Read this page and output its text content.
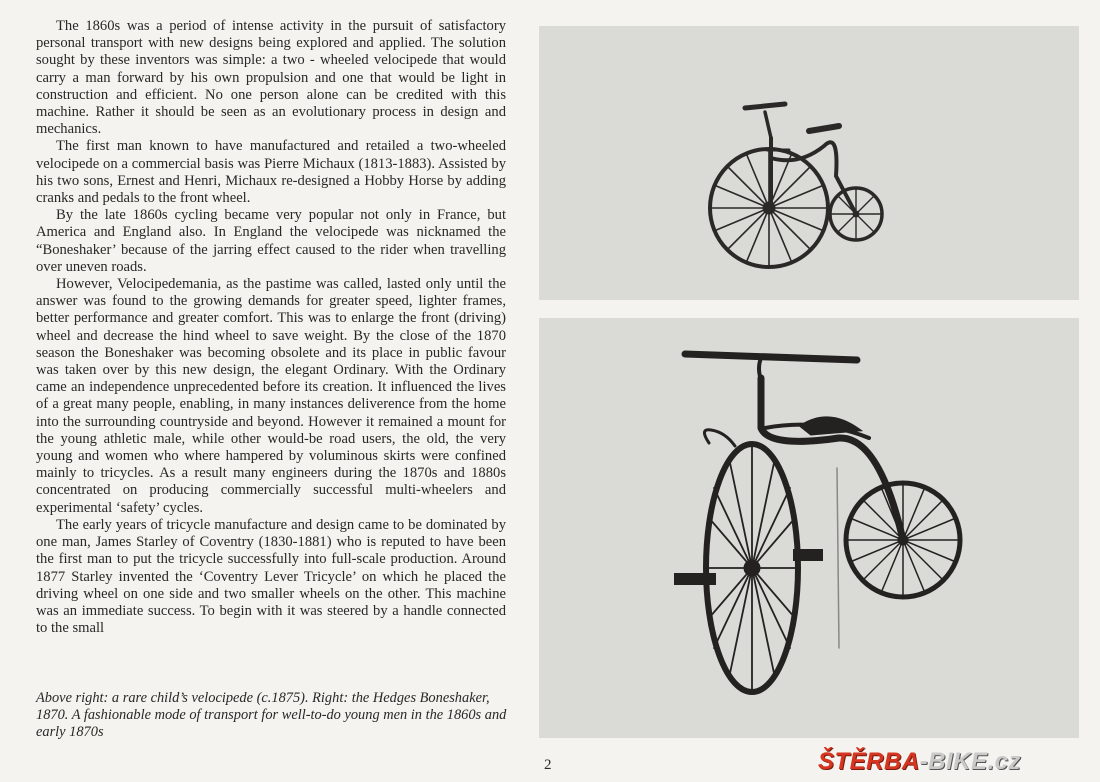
The 1860s was a period of intense activity in the pursuit of satisfactory personal transport with new designs being explored and applied. The solution sought by these inventors was simple: a two - wheeled velocipede that would carry a man forward by his own propulsion and one that would be light in construction and efficient. No one person alone can be credited with this machine. Rather it should be seen as an evolutionary process in design and mechanics.

The first man known to have manufactured and retailed a two-wheeled velocipede on a commercial basis was Pierre Michaux (1813-1883). Assisted by his two sons, Ernest and Henri, Michaux re-designed a Hobby Horse by adding cranks and pedals to the front wheel.

By the late 1860s cycling became very popular not only in France, but America and England also. In England the velocipede was nicknamed the “Boneshaker’ because of the jarring effect caused to the rider when travelling over uneven roads.

However, Velocipedemania, as the pastime was called, lasted only until the answer was found to the growing demands for greater speed, lighter frames, better performance and greater comfort. This was to enlarge the front (driving) wheel and decrease the hind wheel to save weight. By the close of the 1870 season the Boneshaker was becoming obsolete and its place in public favour was taken over by this new design, the elegant Ordinary. With the Ordinary came an independence unprecedented before its creation. It influenced the lives of a great many people, enabling, in many instances deliverence from the home into the surrounding countryside and beyond. However it remained a mount for the young athletic male, while other would-be road users, the old, the very young and women who where hampered by voluminous skirts were confined mainly to tricycles. As a result many engineers during the 1870s and 1880s concentrated on producing commercially successful multi-wheelers and experimental ‘safety’ cycles.

The early years of tricycle manufacture and design came to be dominated by one man, James Starley of Coventry (1830-1881) who is reputed to have been the first man to put the tricycle successfully into full-scale production. Around 1877 Starley invented the ‘Coventry Lever Tricycle’ on which he placed the driving wheel on one side and two smaller wheels on the other. This machine was an immediate success. To begin with it was steered by a handle connected to the small

Above right: a rare child’s velocipede (c.1875). Right: the Hedges Boneshaker, 1870. A fashionable mode of transport for well-to-do young men in the 1860s and early 1870s
2	ŠTĚRBA-BIKE.cz
